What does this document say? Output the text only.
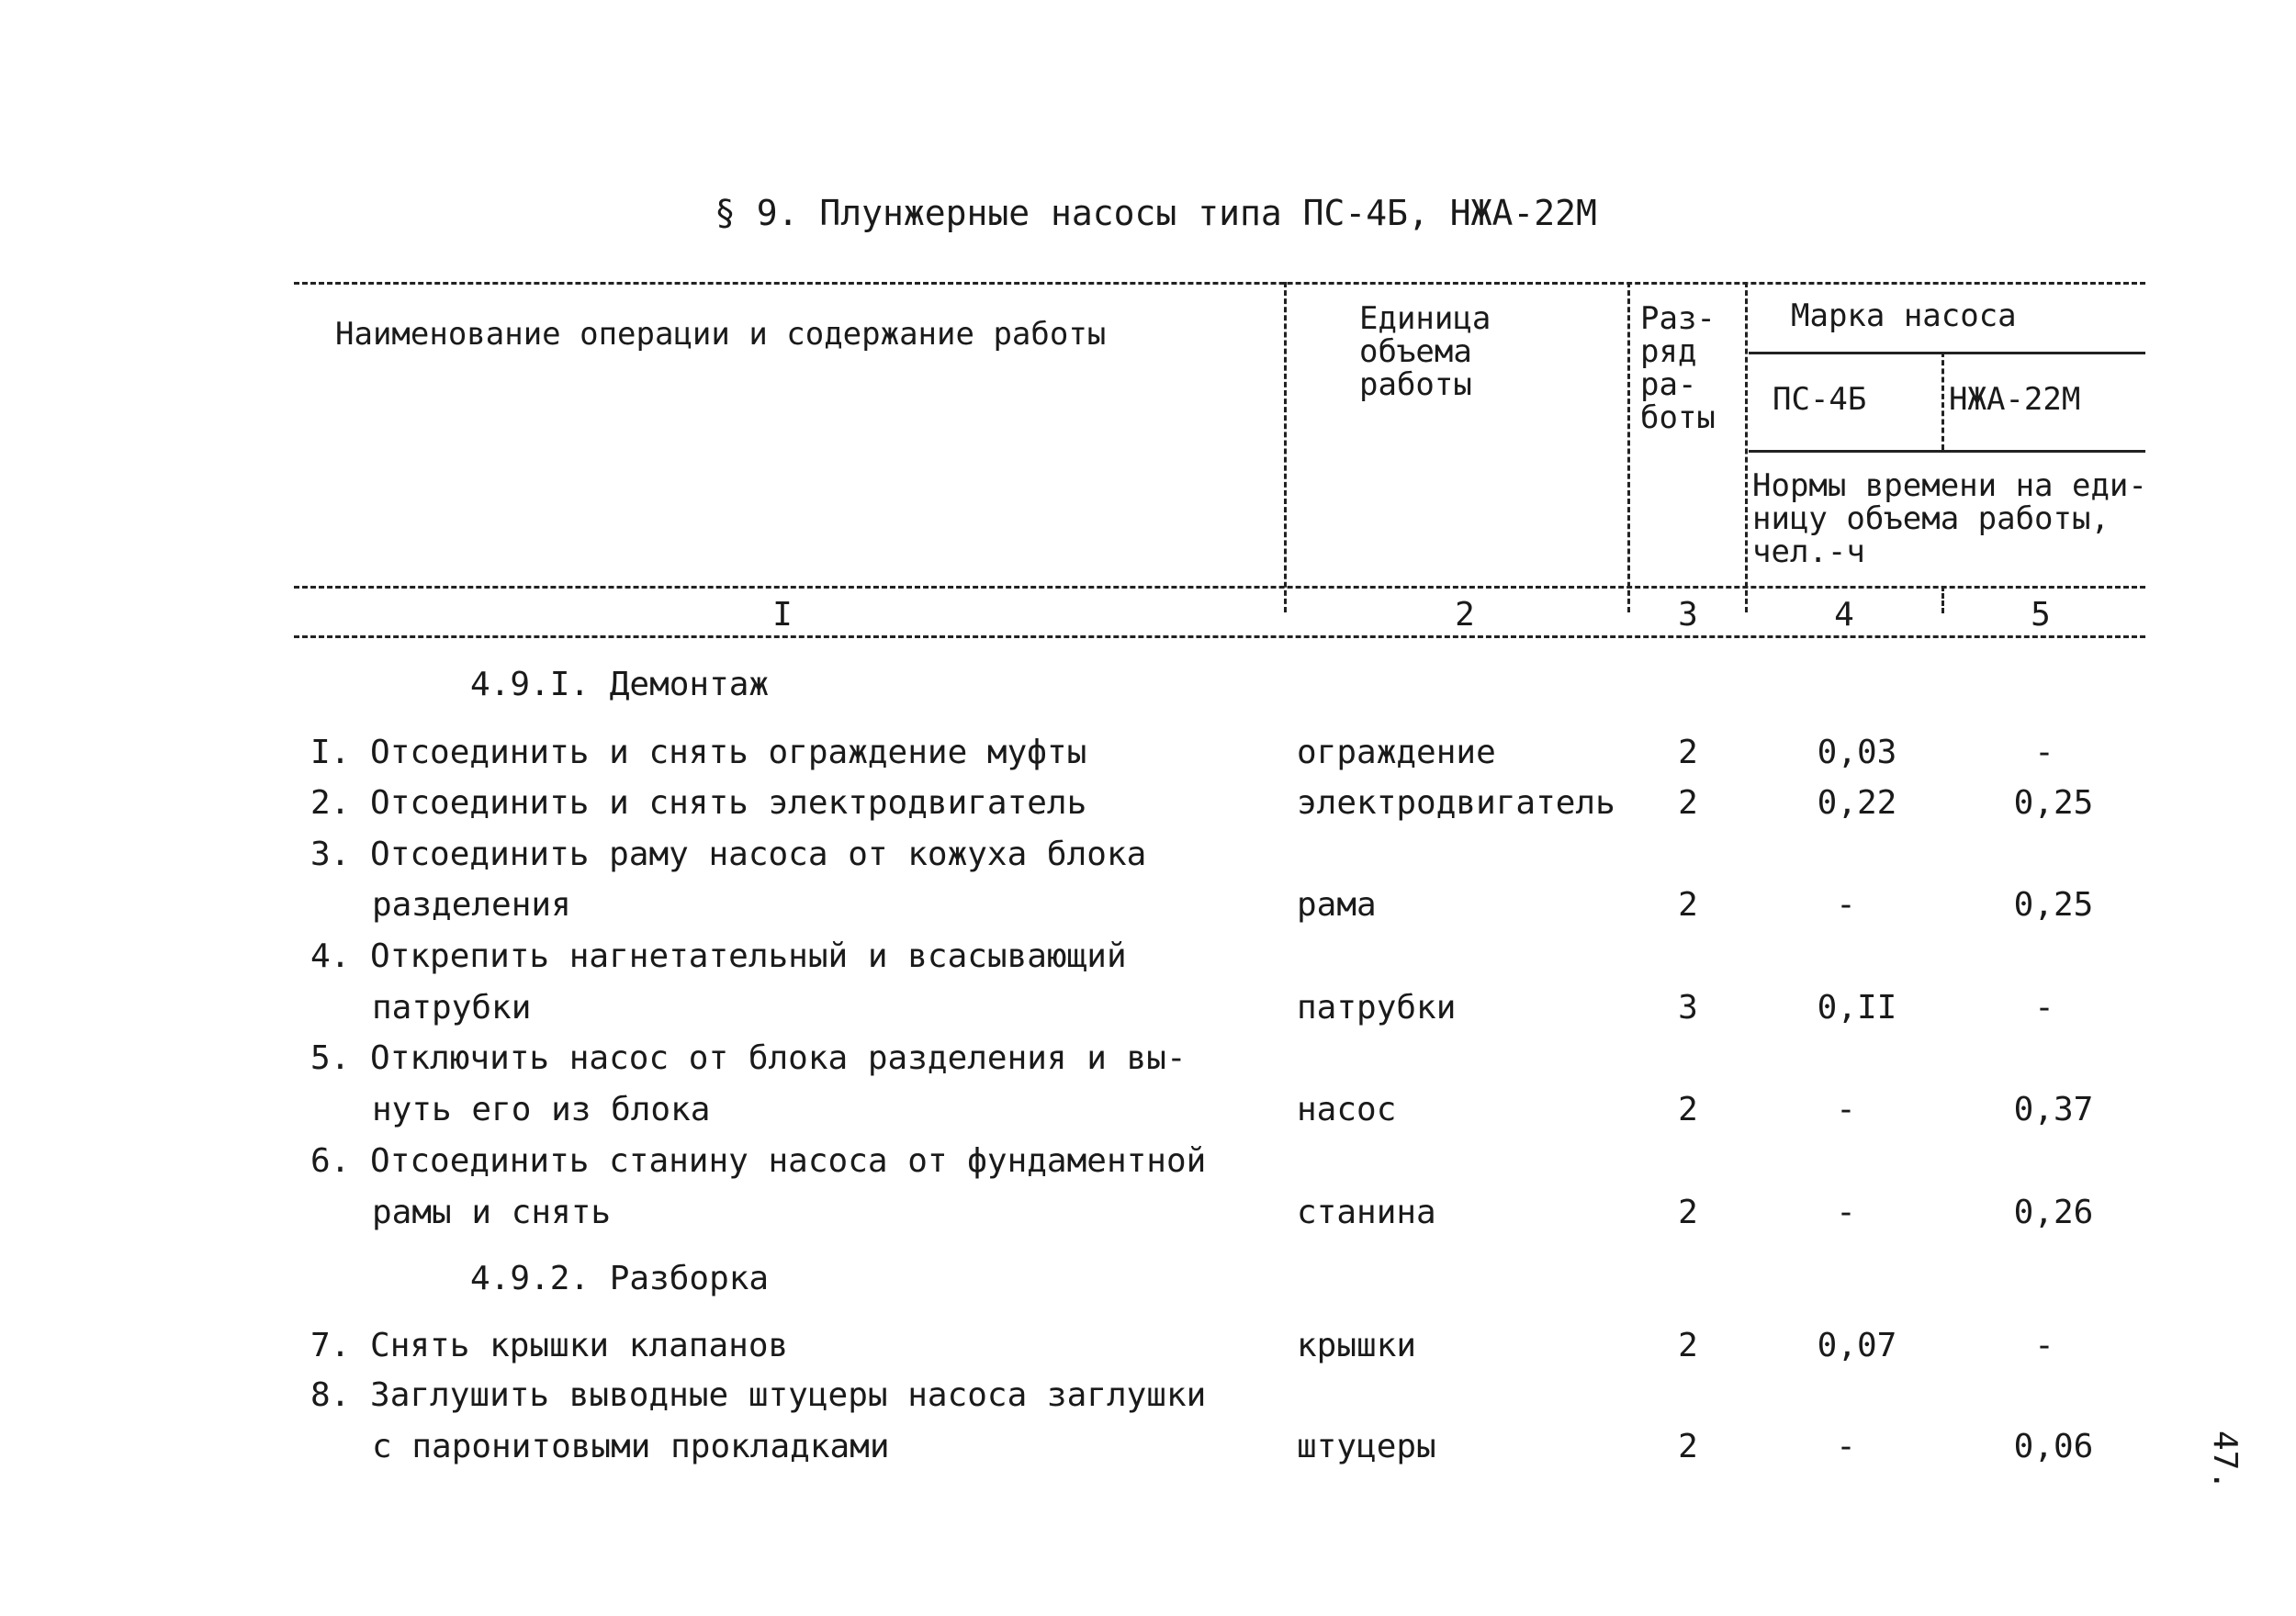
§ 9. Плунжерные насосы типа ПС-4Б, НЖА-22М
Наименование операции и содержание работы	Единица
объема
работы
Раз-
ряд
ра-
боты
Марка насоса
ПС-4Б	НЖА-22М
Нормы времени на еди-
ницу объема работы,
чел.-ч
I	2	3	4	5
4.9.I. Демонтаж
I. Отсоединить и снять ограждение муфты	ограждение	2	0,03	-
2. Отсоединить и снять электродвигатель	электродвигатель 2	0,22	0,25
3. Отсоединить раму насоса от кожуха блока
разделения	рама	2	-	0,25
4. Открепить нагнетательный и всасывающий
патрубки	патрубки	3	0,II	-
5. Отключить насос от блока разделения и вы-
нуть его из блока	насос	2	-	0,37
6. Отсоединить станину насоса от фундаментной
рамы и снять	станина	2	-	0,26
4.9.2. Разборка
7. Снять крышки клапанов	крышки	2	0,07	-
8. Заглушить выводные штуцеры насоса заглушки
с паронитовыми прокладками	штуцеры	2	-	0,06	47.
